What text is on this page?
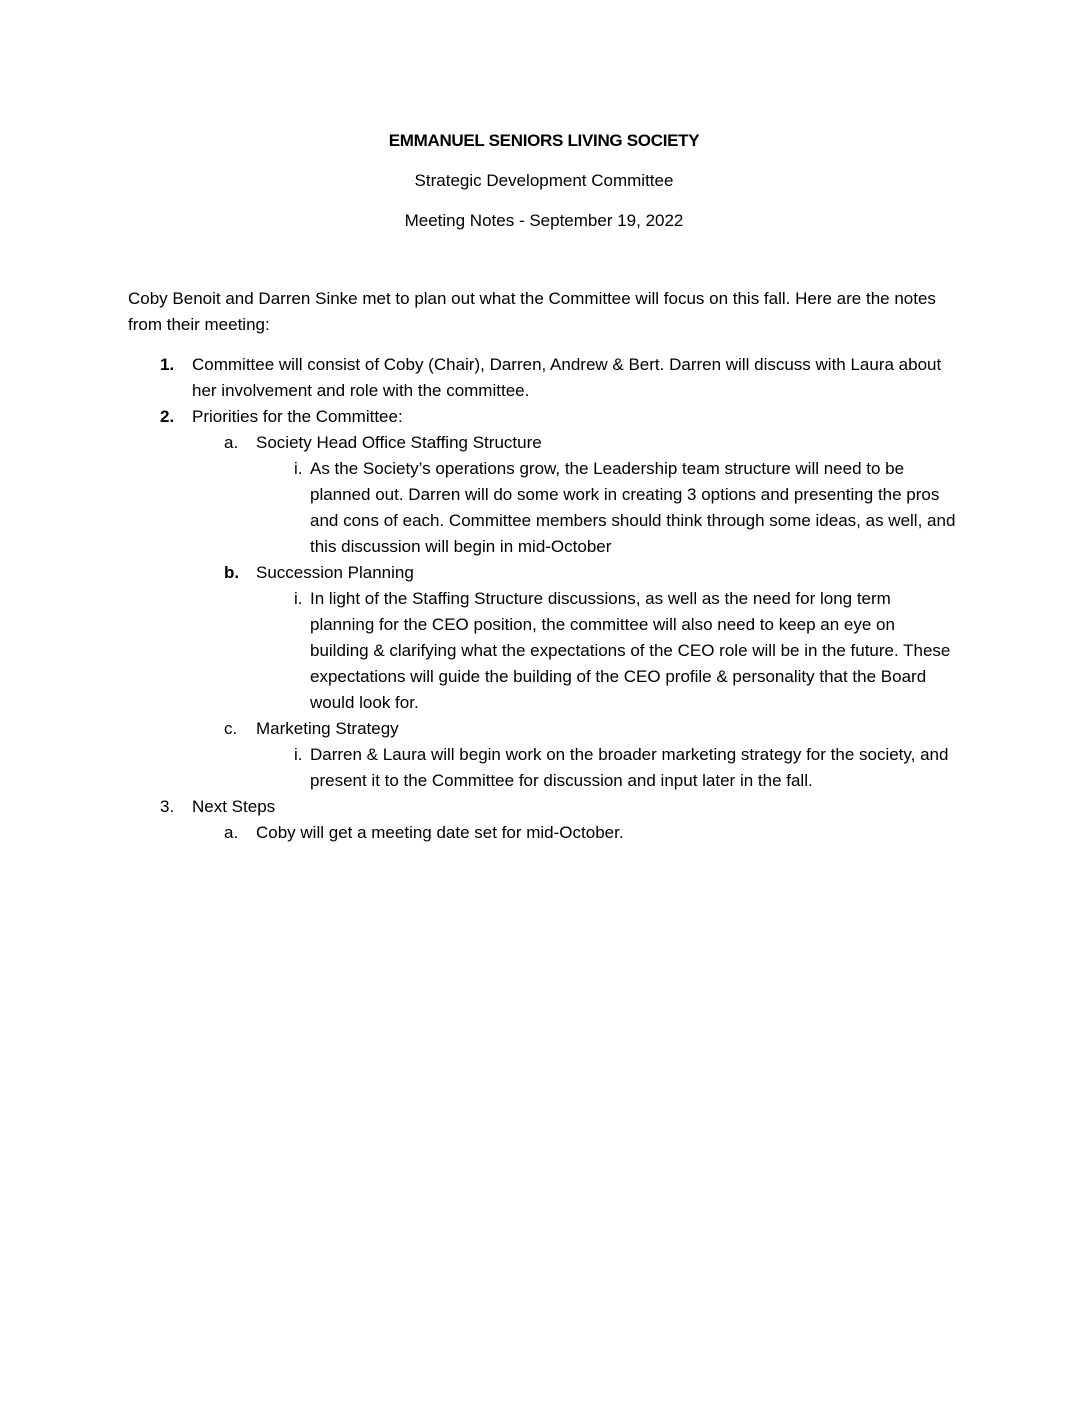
EMMANUEL SENIORS LIVING SOCIETY
Strategic Development Committee
Meeting Notes - September 19, 2022
Coby Benoit and Darren Sinke met to plan out what the Committee will focus on this fall. Here are the notes from their meeting:
1. Committee will consist of Coby (Chair), Darren, Andrew & Bert. Darren will discuss with Laura about her involvement and role with the committee.
2. Priorities for the Committee:
a. Society Head Office Staffing Structure
i. As the Society’s operations grow, the Leadership team structure will need to be planned out. Darren will do some work in creating 3 options and presenting the pros and cons of each. Committee members should think through some ideas, as well, and this discussion will begin in mid-October
b. Succession Planning
i. In light of the Staffing Structure discussions, as well as the need for long term planning for the CEO position, the committee will also need to keep an eye on building & clarifying what the expectations of the CEO role will be in the future. These expectations will guide the building of the CEO profile & personality that the Board would look for.
c. Marketing Strategy
i. Darren & Laura will begin work on the broader marketing strategy for the society, and present it to the Committee for discussion and input later in the fall.
3. Next Steps
a. Coby will get a meeting date set for mid-October.
